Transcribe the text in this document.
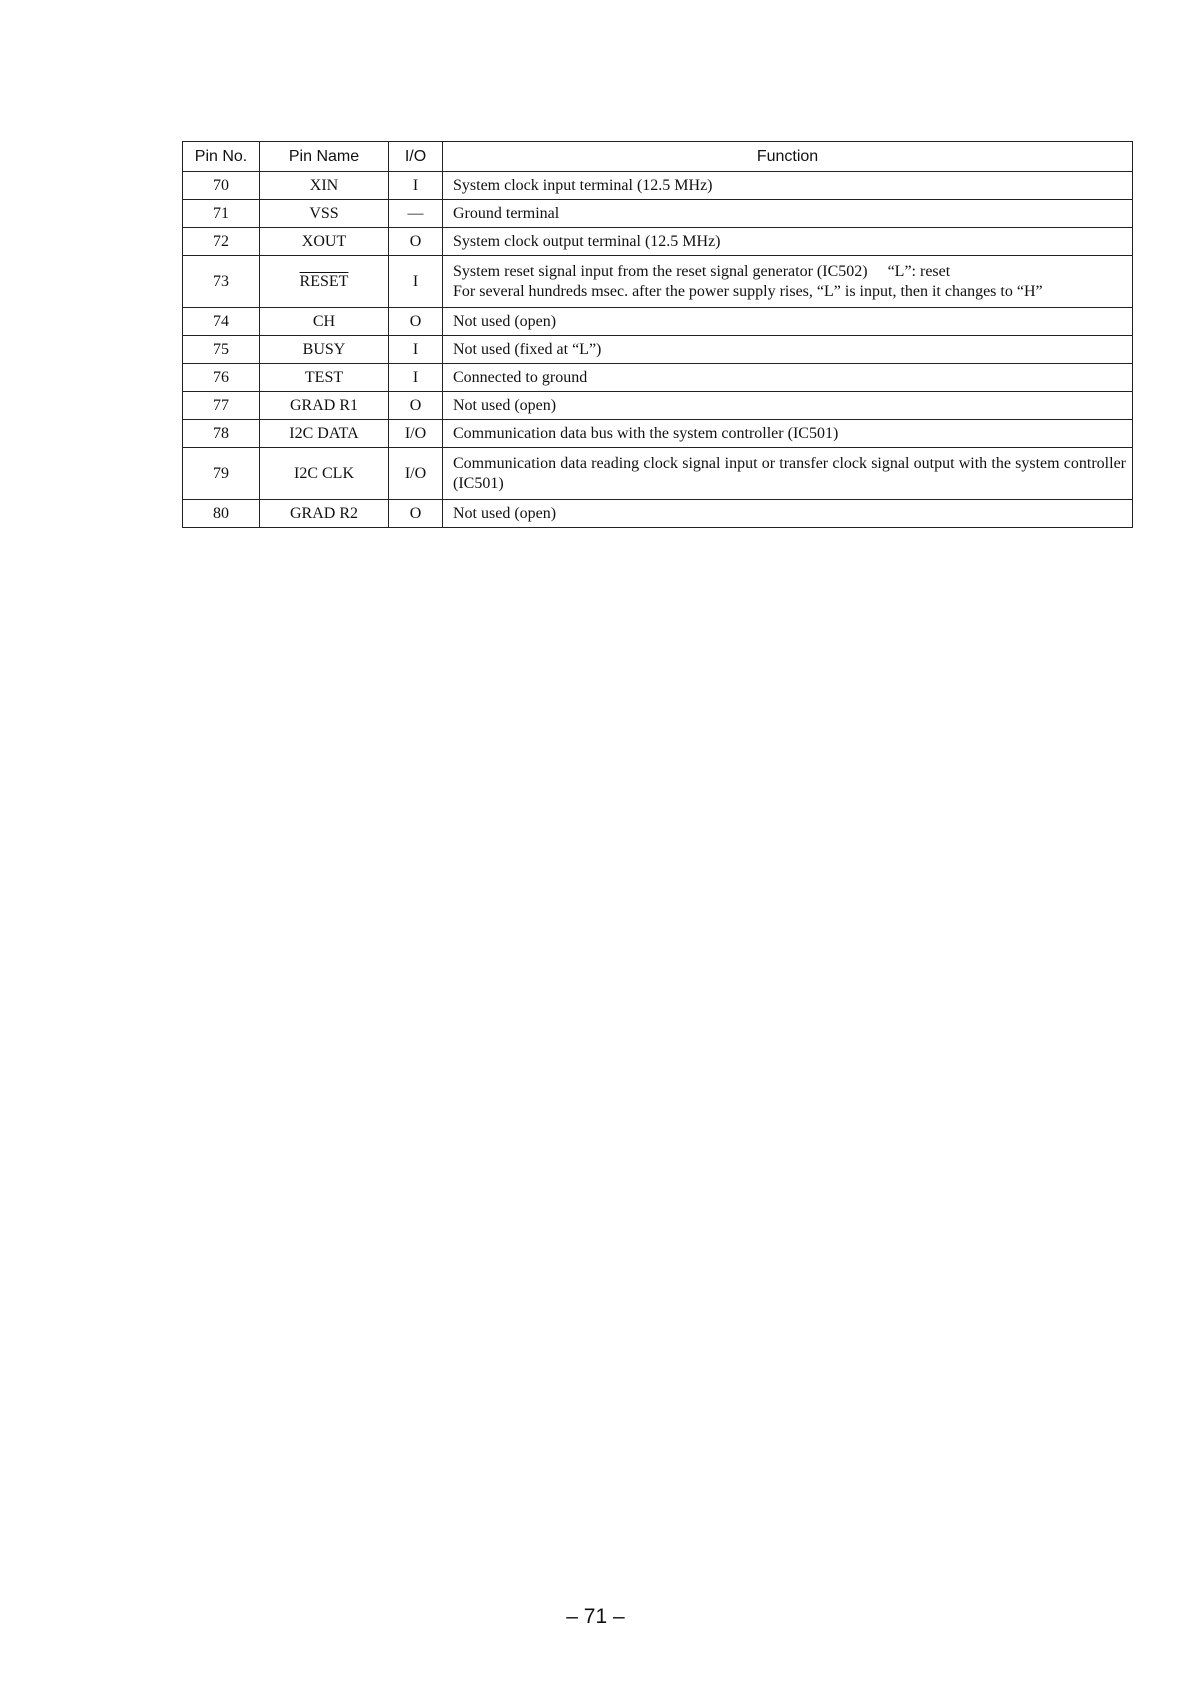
Pin No.	Pin Name	I/O	Function
70	XIN	I	System clock input terminal (12.5 MHz)
71	VSS	—	Ground terminal
72	XOUT	O	System clock output terminal (12.5 MHz)
73	RESET	I	System reset signal input from the reset signal generator (IC502)     “L”: reset
For several hundreds msec. after the power supply rises, “L” is input, then it changes to “H”

74	CH	O	Not used (open)
75	BUSY	I	Not used (fixed at “L”)
76	TEST	I	Connected to ground
77	GRAD R1	O	Not used (open)
78	I2C DATA	I/O	Communication data bus with the system controller (IC501)
79	I2C CLK	I/O	Communication data reading clock signal input or transfer clock signal output with the system controller (IC501)
80	GRAD R2	O	Not used (open)
– 71 –
